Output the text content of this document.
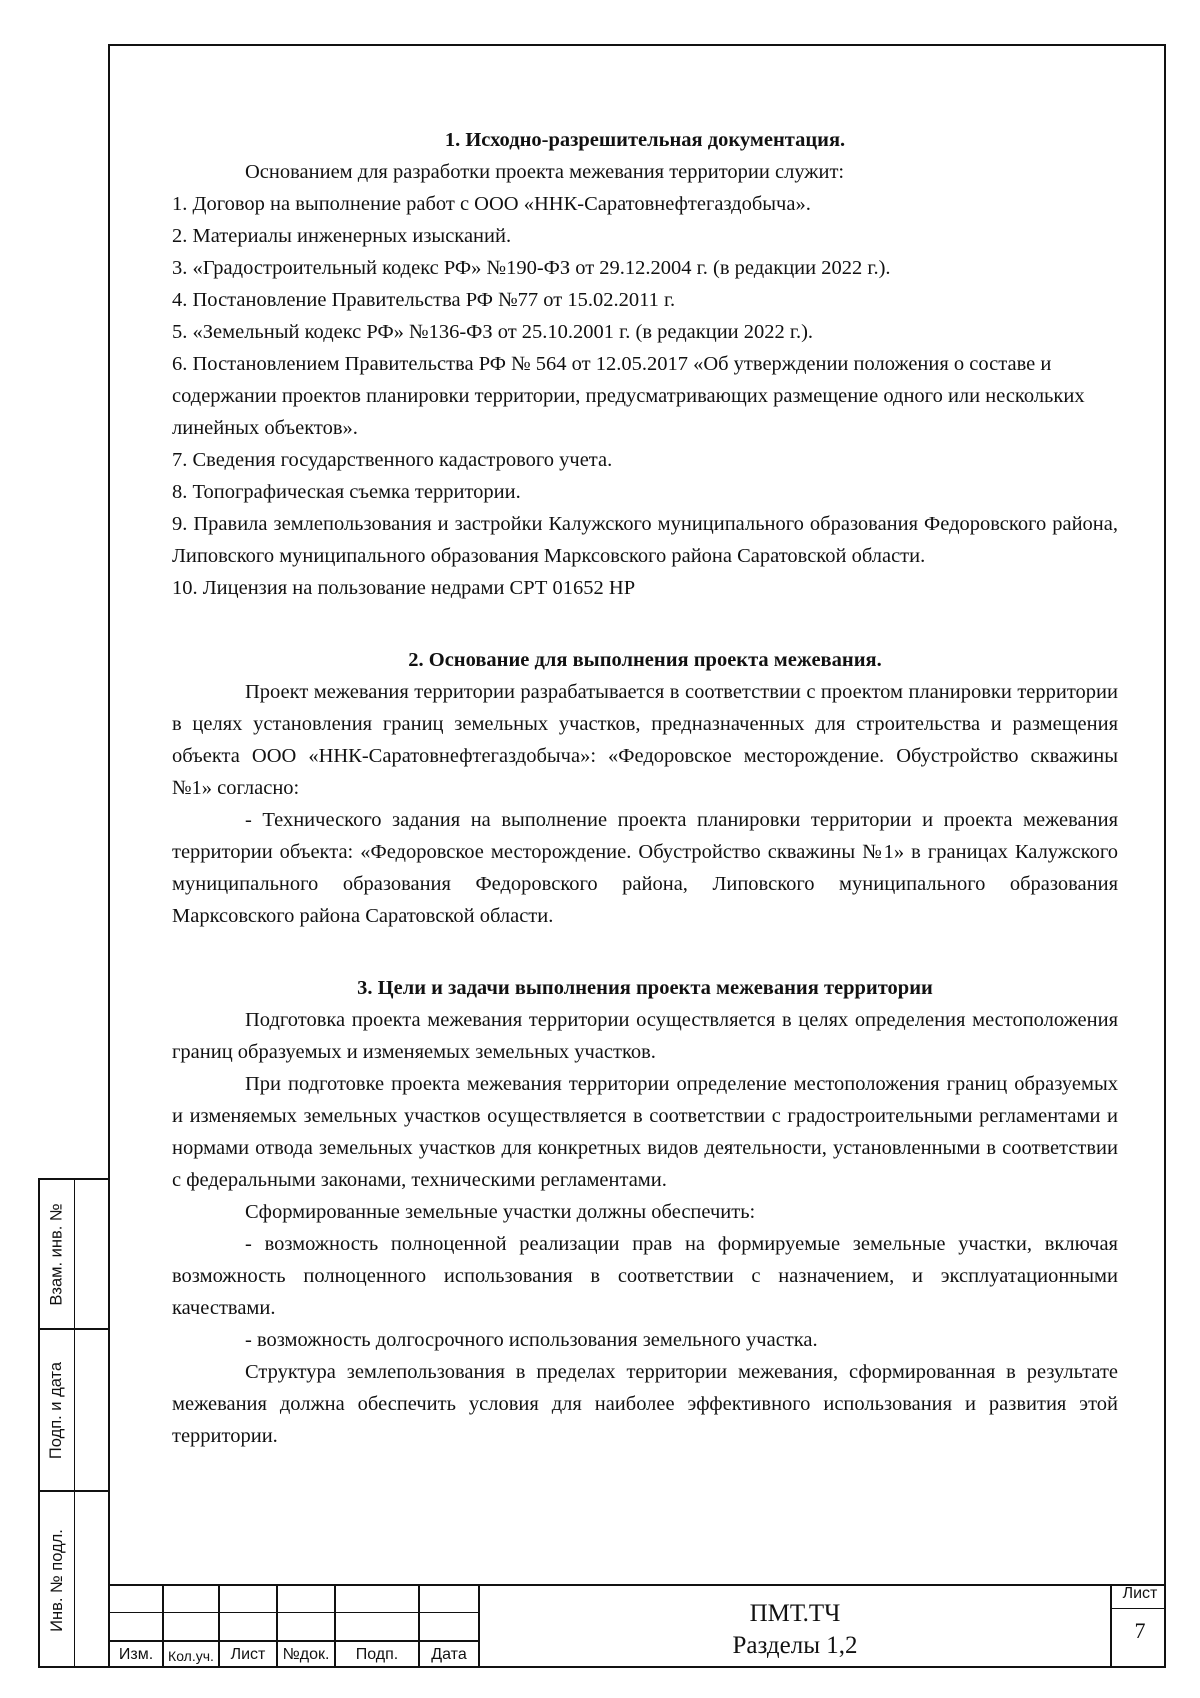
1. Исходно-разрешительная документация.

Основанием для разработки проекта межевания территории служит:

1. Договор на выполнение работ с ООО «ННК-Саратовнефтегаздобыча».

2. Материалы инженерных изысканий.

3. «Градостроительный кодекс РФ» №190-ФЗ от 29.12.2004 г. (в редакции 2022 г.).

4. Постановление Правительства РФ №77 от 15.02.2011 г.

5. «Земельный кодекс РФ» №136-ФЗ от 25.10.2001 г. (в редакции 2022 г.).

6. Постановлением Правительства РФ № 564 от 12.05.2017 «Об утверждении положения о составе и содержании проектов планировки территории, предусматривающих размещение одного или нескольких линейных объектов».

7. Сведения государственного кадастрового учета.

8. Топографическая съемка территории.

9. Правила землепользования и застройки Калужского муниципального образования Федоровского района, Липовского муниципального образования Марксовского района Саратовской области.

10. Лицензия на пользование недрами СРТ 01652 НР

2. Основание для выполнения проекта межевания.

Проект межевания территории разрабатывается в соответствии с проектом планировки территории в целях установления границ земельных участков, предназначенных для строительства и размещения объекта ООО «ННК-Саратовнефтегаздобыча»: «Федоровское месторождение. Обустройство скважины №1» согласно:

- Технического задания на выполнение проекта планировки территории и проекта межевания территории объекта: «Федоровское месторождение. Обустройство скважины №1» в границах Калужского муниципального образования Федоровского района, Липовского муниципального образования Марксовского района Саратовской области.

3. Цели и задачи выполнения проекта межевания территории

Подготовка проекта межевания территории осуществляется в целях определения местоположения границ образуемых и изменяемых земельных участков.

При подготовке проекта межевания территории определение местоположения границ образуемых и изменяемых земельных участков осуществляется в соответствии с градостроительными регламентами и нормами отвода земельных участков для конкретных видов деятельности, установленными в соответствии с федеральными законами, техническими регламентами.

Сформированные земельные участки должны обеспечить:

- возможность полноценной реализации прав на формируемые земельные участки, включая возможность полноценного использования в соответствии с назначением, и эксплуатационными качествами.

- возможность долгосрочного использования земельного участка.

Структура землепользования в пределах территории межевания, сформированная в результате межевания должна обеспечить условия для наиболее эффективного использования и развития этой территории.

Взам. инв. №
Подп. и дата
Инв. № подл.
Изм.	Кол.уч.	Лист	№док.	Подп.	Дата
ПМТ.ТЧ
Разделы 1,2
Лист
7
